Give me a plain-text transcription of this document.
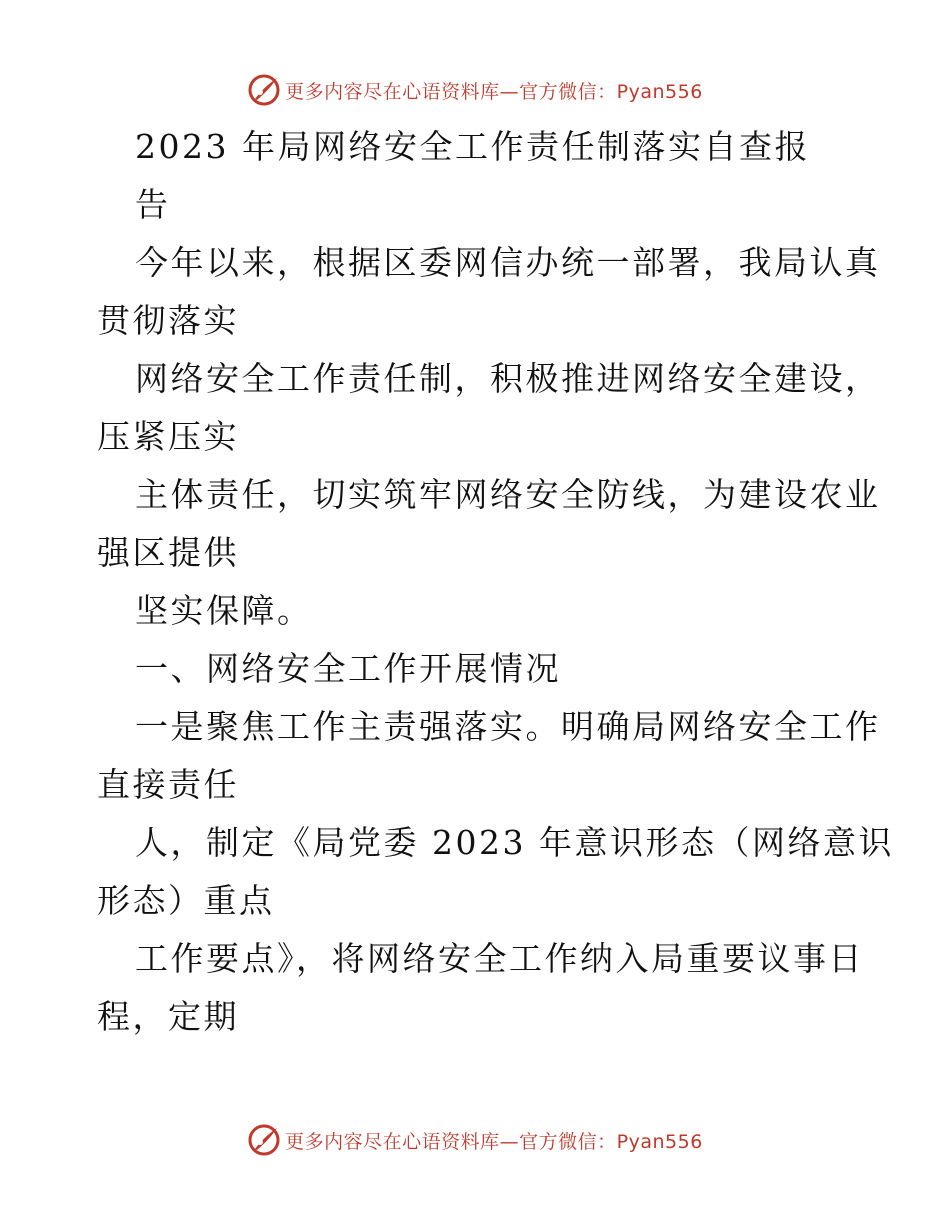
更多内容尽在心语资料库—官方微信：Pyan556
2023 年局网络安全工作责任制落实自查报
告
今年以来，根据区委网信办统一部署，我局认真
贯彻落实
网络安全工作责任制，积极推进网络安全建设，
压紧压实
主体责任，切实筑牢网络安全防线，为建设农业
强区提供
坚实保障。
一、网络安全工作开展情况
一是聚焦工作主责强落实。明确局网络安全工作
直接责任
人，制定《局党委 2023 年意识形态（网络意识
形态）重点
工作要点》，将网络安全工作纳入局重要议事日
程，定期
更多内容尽在心语资料库—官方微信：Pyan556
